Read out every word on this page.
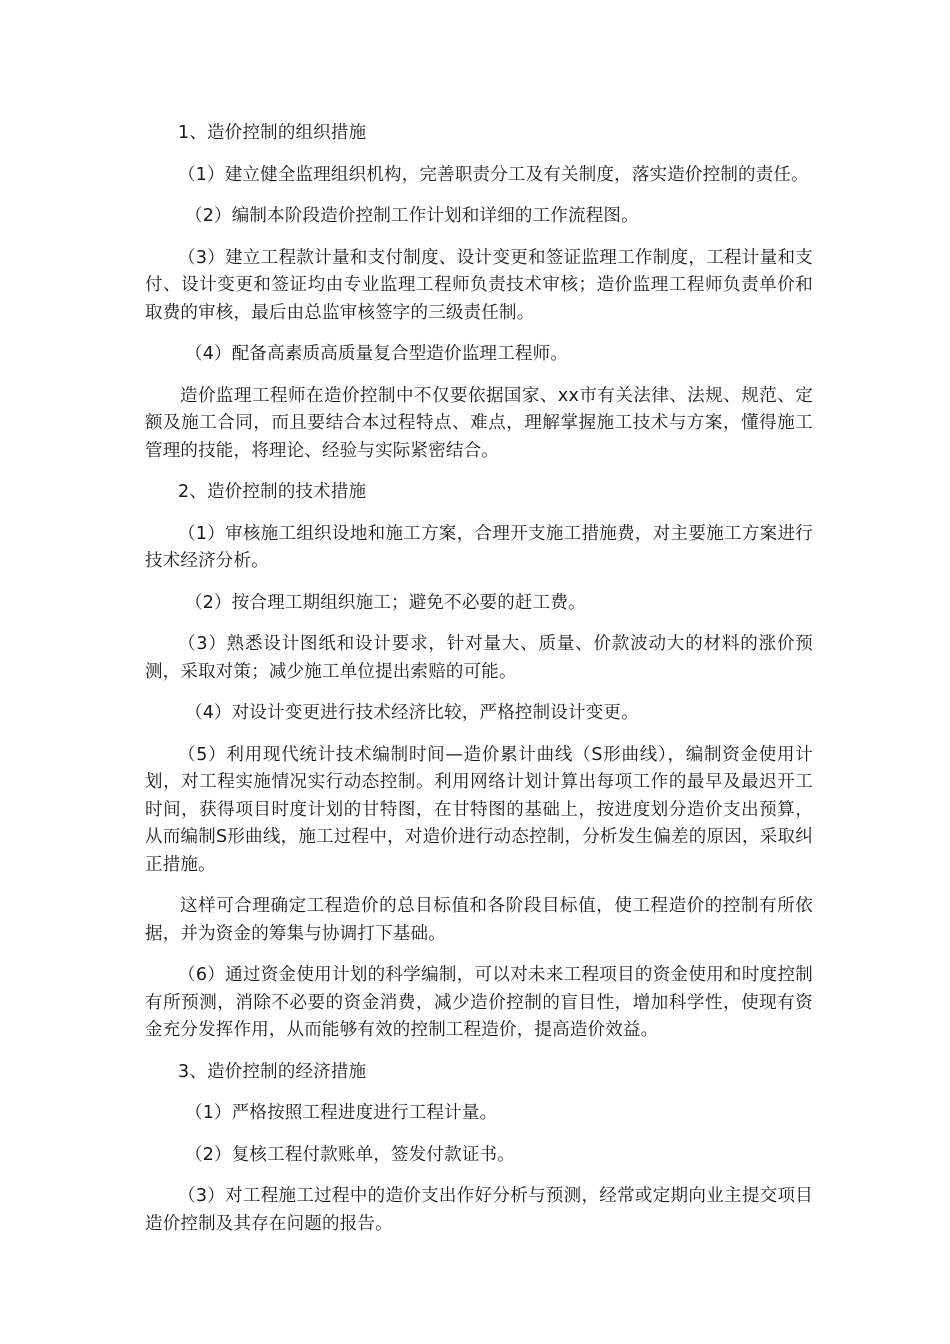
1、造价控制的组织措施

（1）建立健全监理组织机构，完善职责分工及有关制度，落实造价控制的责任。

（2）编制本阶段造价控制工作计划和详细的工作流程图。

（3）建立工程款计量和支付制度、设计变更和签证监理工作制度，工程计量和支付、设计变更和签证均由专业监理工程师负责技术审核；造价监理工程师负责单价和取费的审核，最后由总监审核签字的三级责任制。

（4）配备高素质高质量复合型造价监理工程师。

造价监理工程师在造价控制中不仅要依据国家、xx市有关法律、法规、规范、定额及施工合同，而且要结合本过程特点、难点，理解掌握施工技术与方案，懂得施工管理的技能，将理论、经验与实际紧密结合。

2、造价控制的技术措施

（1）审核施工组织设地和施工方案，合理开支施工措施费，对主要施工方案进行技术经济分析。

（2）按合理工期组织施工；避免不必要的赶工费。

（3）熟悉设计图纸和设计要求，针对量大、质量、价款波动大的材料的涨价预测，采取对策；减少施工单位提出索赔的可能。

（4）对设计变更进行技术经济比较，严格控制设计变更。

（5）利用现代统计技术编制时间—造价累计曲线（S形曲线），编制资金使用计划，对工程实施情况实行动态控制。利用网络计划计算出每项工作的最早及最迟开工时间，获得项目时度计划的甘特图，在甘特图的基础上，按进度划分造价支出预算，从而编制S形曲线，施工过程中，对造价进行动态控制，分析发生偏差的原因，采取纠正措施。

这样可合理确定工程造价的总目标值和各阶段目标值，使工程造价的控制有所依据，并为资金的筹集与协调打下基础。

（6）通过资金使用计划的科学编制，可以对未来工程项目的资金使用和时度控制有所预测，消除不必要的资金消费，减少造价控制的盲目性，增加科学性，使现有资金充分发挥作用，从而能够有效的控制工程造价，提高造价效益。

3、造价控制的经济措施

（1）严格按照工程进度进行工程计量。

（2）复核工程付款账单，签发付款证书。

（3）对工程施工过程中的造价支出作好分析与预测，经常或定期向业主提交项目造价控制及其存在问题的报告。
